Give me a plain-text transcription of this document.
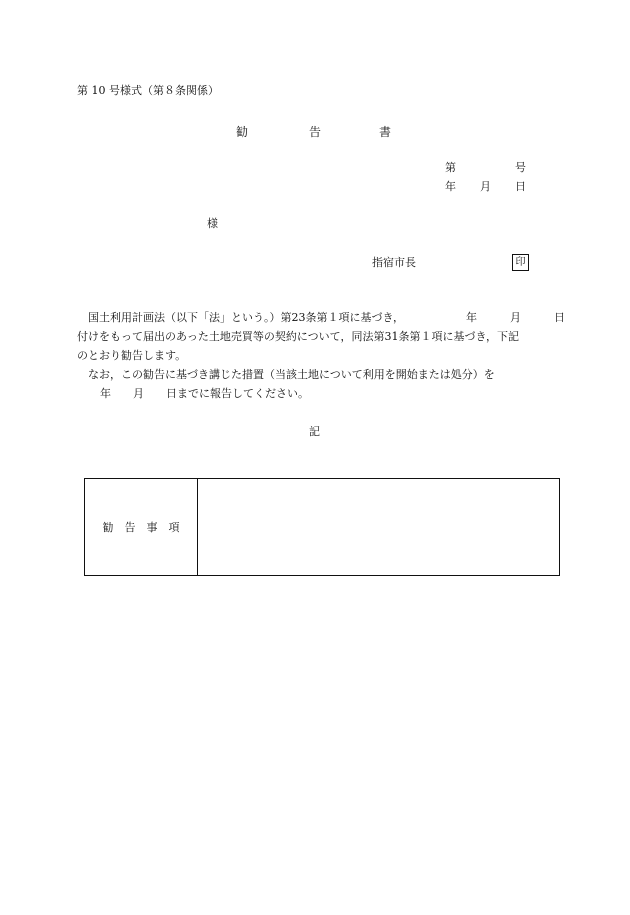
第 10 号様式（第８条関係）
勧	告	書
第	号
年 月 日
様
指宿市長	印
　国土利用計画法（以下「法」という。）第23条第１項に基づき，	年　　　月　　　日
付けをもって届出のあった土地売買等の契約について，同法第31条第１項に基づき，下記
のとおり勧告します。
なお，この勧告に基づき講じた措置（当該土地について利用を開始または処分）を
年　　月　　日までに報告してください。
記
勧　告　事　項
